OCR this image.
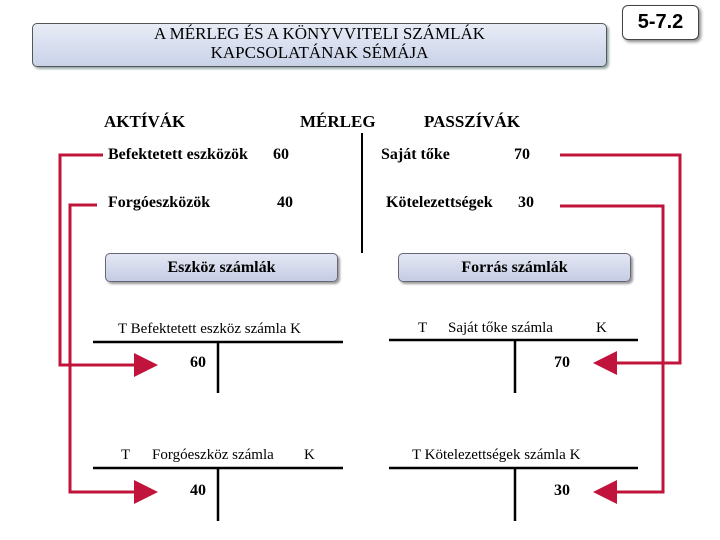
A MÉRLEG ÉS A KÖNYVVITELI SZÁMLÁK
KAPCSOLATÁNAK SÉMÁJA
5-7.2
AKTÍVÁK	MÉRLEG	PASSZÍVÁK
Befektetett eszközök 60
Forgóeszközök	40
Saját tőke	70
Kötelezettségek 30
Eszköz számlák	Forrás számlák
T Befektetett eszköz számla K
60
T Forgóeszköz számla K
40
T Saját tőke számla	K
70
T Kötelezettségek számla K
30
